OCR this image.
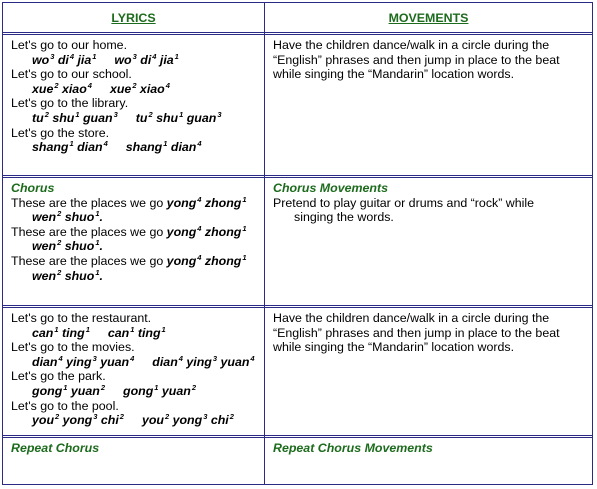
LYRICS	MOVEMENTS
Let's go to our home.
$wo^3$ $di^4$ jia$^1$ $wo^3$ $di^4$ jia$^1$
Let's go to our school.
xue$^2$ xiao$^4$ xue$^2$ xiao$^4$
Let's go to the library.
$tu^2$ shu$^1$ guan$^3$ $tu^2$ shu$^1$ guan$^3$
Let's go the store.
shang$^1$ dian$^4$ shang$^1$ dian$^4$
Have the children dance/walk in a circle during the “English” phrases and then jump in place to the beat while singing the “Mandarin” location words.
Chorus
These are the places we go yong$^4$ zhong$^1$
wen$^2$ shuo$^1$.
These are the places we go yong$^4$ zhong$^1$
wen$^2$ shuo$^1$.
These are the places we go yong$^4$ zhong$^1$
wen$^2$ shuo$^1$.
Chorus Movements
Pretend to play guitar or drums and “rock” while
singing the words.
Let's go to the restaurant.
can$^1$ ting$^1$ can$^1$ ting$^1$
Let's go to the movies.
dian$^4$ ying$^3$ yuan$^4$ dian$^4$ ying$^3$ yuan$^4$
Let's go the park.
gong$^1$ yuan$^2$ gong$^1$ yuan$^2$
Let's go to the pool.
you$^2$ yong$^3$ chi$^2$ you$^2$ yong$^3$ chi$^2$
Have the children dance/walk in a circle during the “English” phrases and then jump in place to the beat while singing the “Mandarin” location words.
Repeat Chorus	Repeat Chorus Movements
